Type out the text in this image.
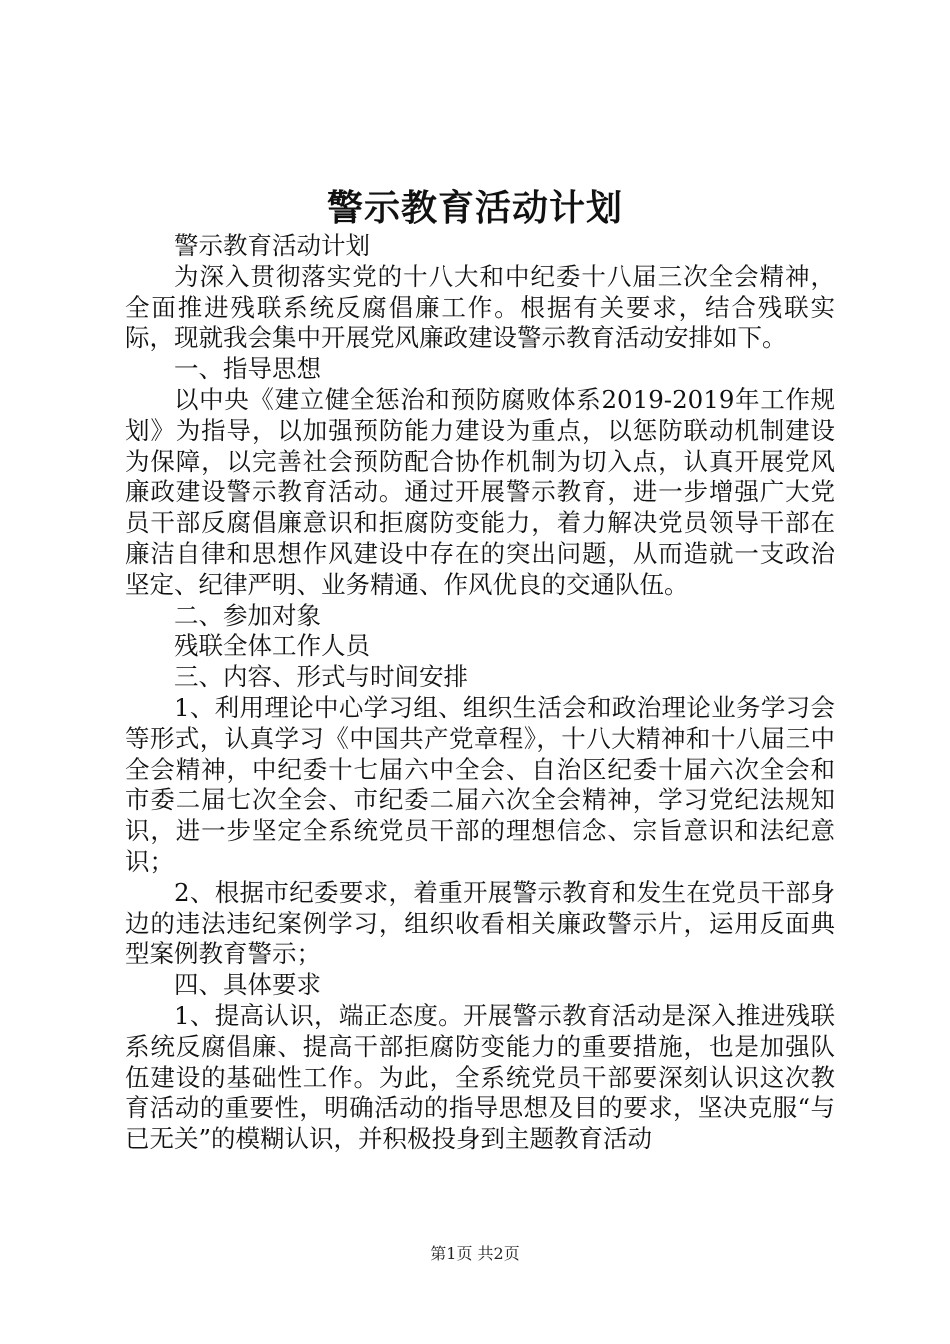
警示教育活动计划

警示教育活动计划

为深入贯彻落实党的十八大和中纪委十八届三次全会精神，全面推进残联系统反腐倡廉工作。根据有关要求，结合残联实际，现就我会集中开展党风廉政建设警示教育活动安排如下。

一、指导思想

以中央《建立健全惩治和预防腐败体系2019-2019年工作规划》为指导，以加强预防能力建设为重点，以惩防联动机制建设为保障，以完善社会预防配合协作机制为切入点，认真开展党风廉政建设警示教育活动。通过开展警示教育，进一步增强广大党员干部反腐倡廉意识和拒腐防变能力，着力解决党员领导干部在廉洁自律和思想作风建设中存在的突出问题，从而造就一支政治坚定、纪律严明、业务精通、作风优良的交通队伍。

二、参加对象

残联全体工作人员

三、内容、形式与时间安排

1、利用理论中心学习组、组织生活会和政治理论业务学习会等形式，认真学习《中国共产党章程》，十八大精神和十八届三中全会精神，中纪委十七届六中全会、自治区纪委十届六次全会和市委二届七次全会、市纪委二届六次全会精神，学习党纪法规知识，进一步坚定全系统党员干部的理想信念、宗旨意识和法纪意识；

2、根据市纪委要求，着重开展警示教育和发生在党员干部身边的违法违纪案例学习，组织收看相关廉政警示片，运用反面典型案例教育警示；

四、具体要求

1、提高认识，端正态度。开展警示教育活动是深入推进残联系统反腐倡廉、提高干部拒腐防变能力的重要措施，也是加强队伍建设的基础性工作。为此，全系统党员干部要深刻认识这次教育活动的重要性，明确活动的指导思想及目的要求，坚决克服“与已无关”的模糊认识，并积极投身到主题教育活动

第1页 共2页
